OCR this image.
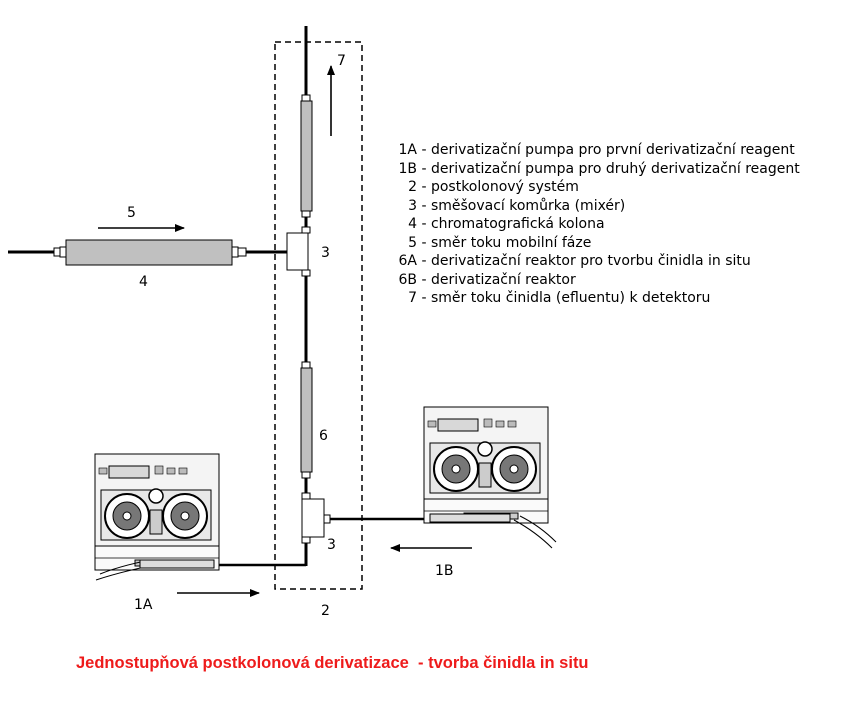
7
5
4
3
6
3
2
1A
1B
1A - derivatizační pumpa pro první derivatizační reagent
1B - derivatizační pumpa pro druhý derivatizační reagent
2 - postkolonový systém
3 - směšovací komůrka (mixér)
4 - chromatografická kolona
5 - směr toku mobilní fáze
6A - derivatizační reaktor pro tvorbu činidla in situ
6B - derivatizační reaktor
7 - směr toku činidla (efluentu) k detektoru
Jednostupňová postkolonová derivatizace  - tvorba činidla in situ
